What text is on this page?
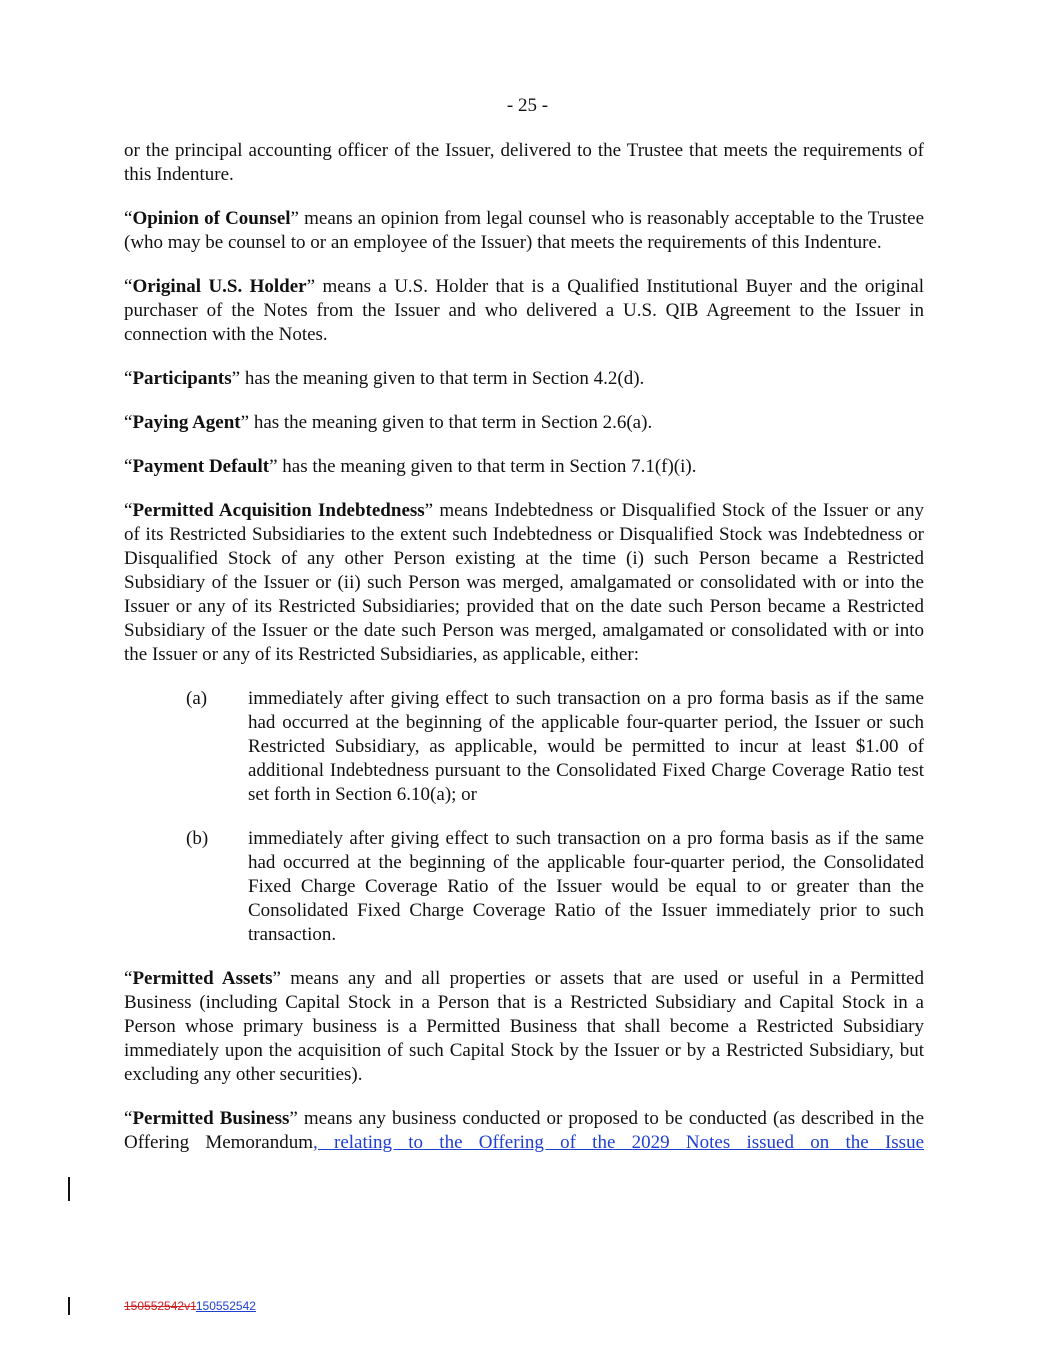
- 25 -

or the principal accounting officer of the Issuer, delivered to the Trustee that meets the requirements of this Indenture.

“Opinion of Counsel” means an opinion from legal counsel who is reasonably acceptable to the Trustee (who may be counsel to or an employee of the Issuer) that meets the requirements of this Indenture.

“Original U.S. Holder” means a U.S. Holder that is a Qualified Institutional Buyer and the original purchaser of the Notes from the Issuer and who delivered a U.S. QIB Agreement to the Issuer in connection with the Notes.

“Participants” has the meaning given to that term in Section 4.2(d).

“Paying Agent” has the meaning given to that term in Section 2.6(a).

“Payment Default” has the meaning given to that term in Section 7.1(f)(i).

“Permitted Acquisition Indebtedness” means Indebtedness or Disqualified Stock of the Issuer or any of its Restricted Subsidiaries to the extent such Indebtedness or Disqualified Stock was Indebtedness or Disqualified Stock of any other Person existing at the time (i) such Person became a Restricted Subsidiary of the Issuer or (ii) such Person was merged, amalgamated or consolidated with or into the Issuer or any of its Restricted Subsidiaries; provided that on the date such Person became a Restricted Subsidiary of the Issuer or the date such Person was merged, amalgamated or consolidated with or into the Issuer or any of its Restricted Subsidiaries, as applicable, either:

(a) immediately after giving effect to such transaction on a pro forma basis as if the same had occurred at the beginning of the applicable four-quarter period, the Issuer or such Restricted Subsidiary, as applicable, would be permitted to incur at least $1.00 of additional Indebtedness pursuant to the Consolidated Fixed Charge Coverage Ratio test set forth in Section 6.10(a); or
(b) immediately after giving effect to such transaction on a pro forma basis as if the same had occurred at the beginning of the applicable four-quarter period, the Consolidated Fixed Charge Coverage Ratio of the Issuer would be equal to or greater than the Consolidated Fixed Charge Coverage Ratio of the Issuer immediately prior to such transaction.

“Permitted Assets” means any and all properties or assets that are used or useful in a Permitted Business (including Capital Stock in a Person that is a Restricted Subsidiary and Capital Stock in a Person whose primary business is a Permitted Business that shall become a Restricted Subsidiary immediately upon the acquisition of such Capital Stock by the Issuer or by a Restricted Subsidiary, but excluding any other securities).

“Permitted Business” means any business conducted or proposed to be conducted (as described in the Offering Memorandum, relating to the Offering of the 2029 Notes issued on the Issue

150552542v1150552542
